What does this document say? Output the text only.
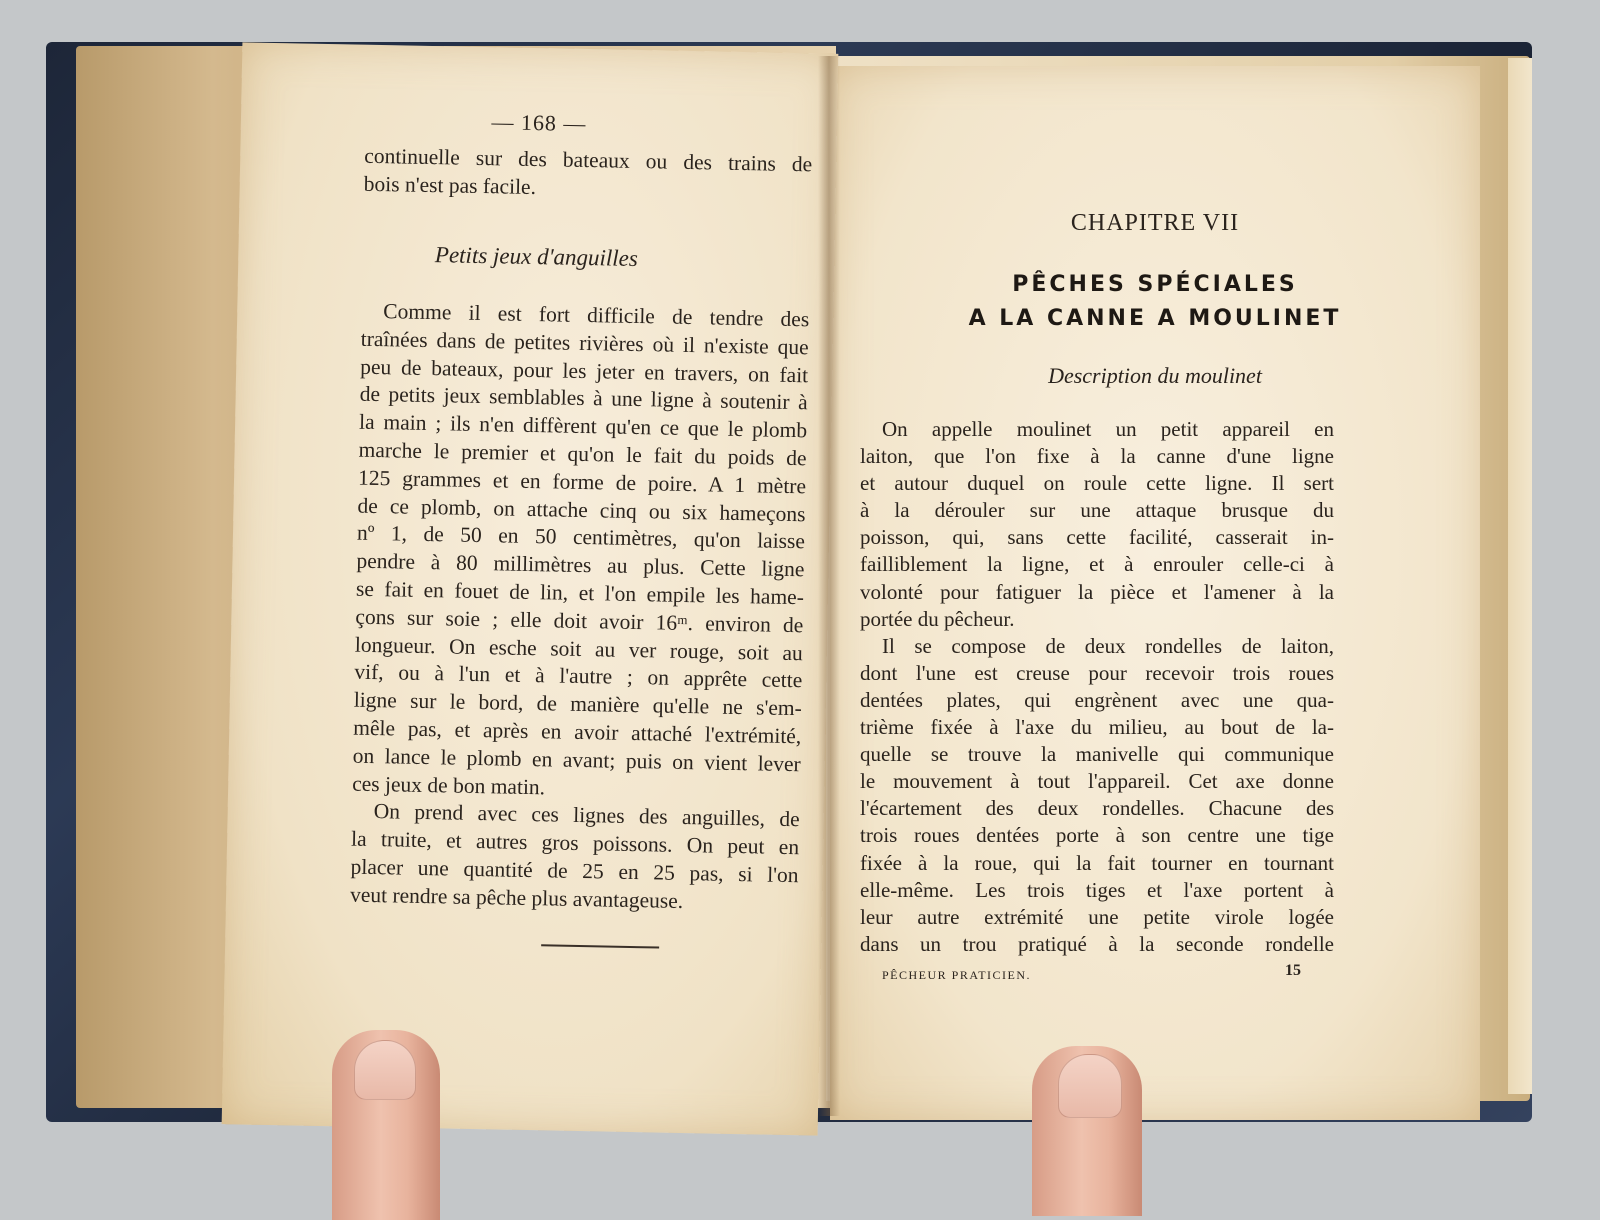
CHAPITRE VII
PÊCHES SPÉCIALES
A LA CANNE A MOULINET
Description du moulinet
On appelle moulinet un petit appareil en
laiton, que l'on fixe à la canne d'une ligne
et autour duquel on roule cette ligne. Il sert
à la dérouler sur une attaque brusque du
poisson, qui, sans cette facilité, casserait in-
failliblement la ligne, et à enrouler celle-ci à
volonté pour fatiguer la pièce et l'amener à la
portée du pêcheur.
Il se compose de deux rondelles de laiton,
dont l'une est creuse pour recevoir trois roues
dentées plates, qui engrènent avec une qua-
trième fixée à l'axe du milieu, au bout de la-
quelle se trouve la manivelle qui communique
le mouvement à tout l'appareil. Cet axe donne
l'écartement des deux rondelles. Chacune des
trois roues dentées porte à son centre une tige
fixée à la roue, qui la fait tourner en tournant
elle-même. Les trois tiges et l'axe portent à
leur autre extrémité une petite virole logée
dans un trou pratiqué à la seconde rondelle
PÊCHEUR PRATICIEN.	15
— 168 —
continuelle sur des bateaux ou des trains de
bois n'est pas facile.
Petits jeux d'anguilles
Comme il est fort difficile de tendre des
traînées dans de petites rivières où il n'existe que
peu de bateaux, pour les jeter en travers, on fait
de petits jeux semblables à une ligne à soutenir à
la main ; ils n'en diffèrent qu'en ce que le plomb
marche le premier et qu'on le fait du poids de
125 grammes et en forme de poire. A 1 mètre
de ce plomb, on attache cinq ou six hameçons
nº 1, de 50 en 50 centimètres, qu'on laisse
pendre à 80 millimètres au plus. Cette ligne
se fait en fouet de lin, et l'on empile les hame-
çons sur soie ; elle doit avoir 16ᵐ. environ de
longueur. On esche soit au ver rouge, soit au
vif, ou à l'un et à l'autre ; on apprête cette
ligne sur le bord, de manière qu'elle ne s'em-
mêle pas, et après en avoir attaché l'extrémité,
on lance le plomb en avant; puis on vient lever
ces jeux de bon matin.
On prend avec ces lignes des anguilles, de
la truite, et autres gros poissons. On peut en
placer une quantité de 25 en 25 pas, si l'on
veut rendre sa pêche plus avantageuse.
